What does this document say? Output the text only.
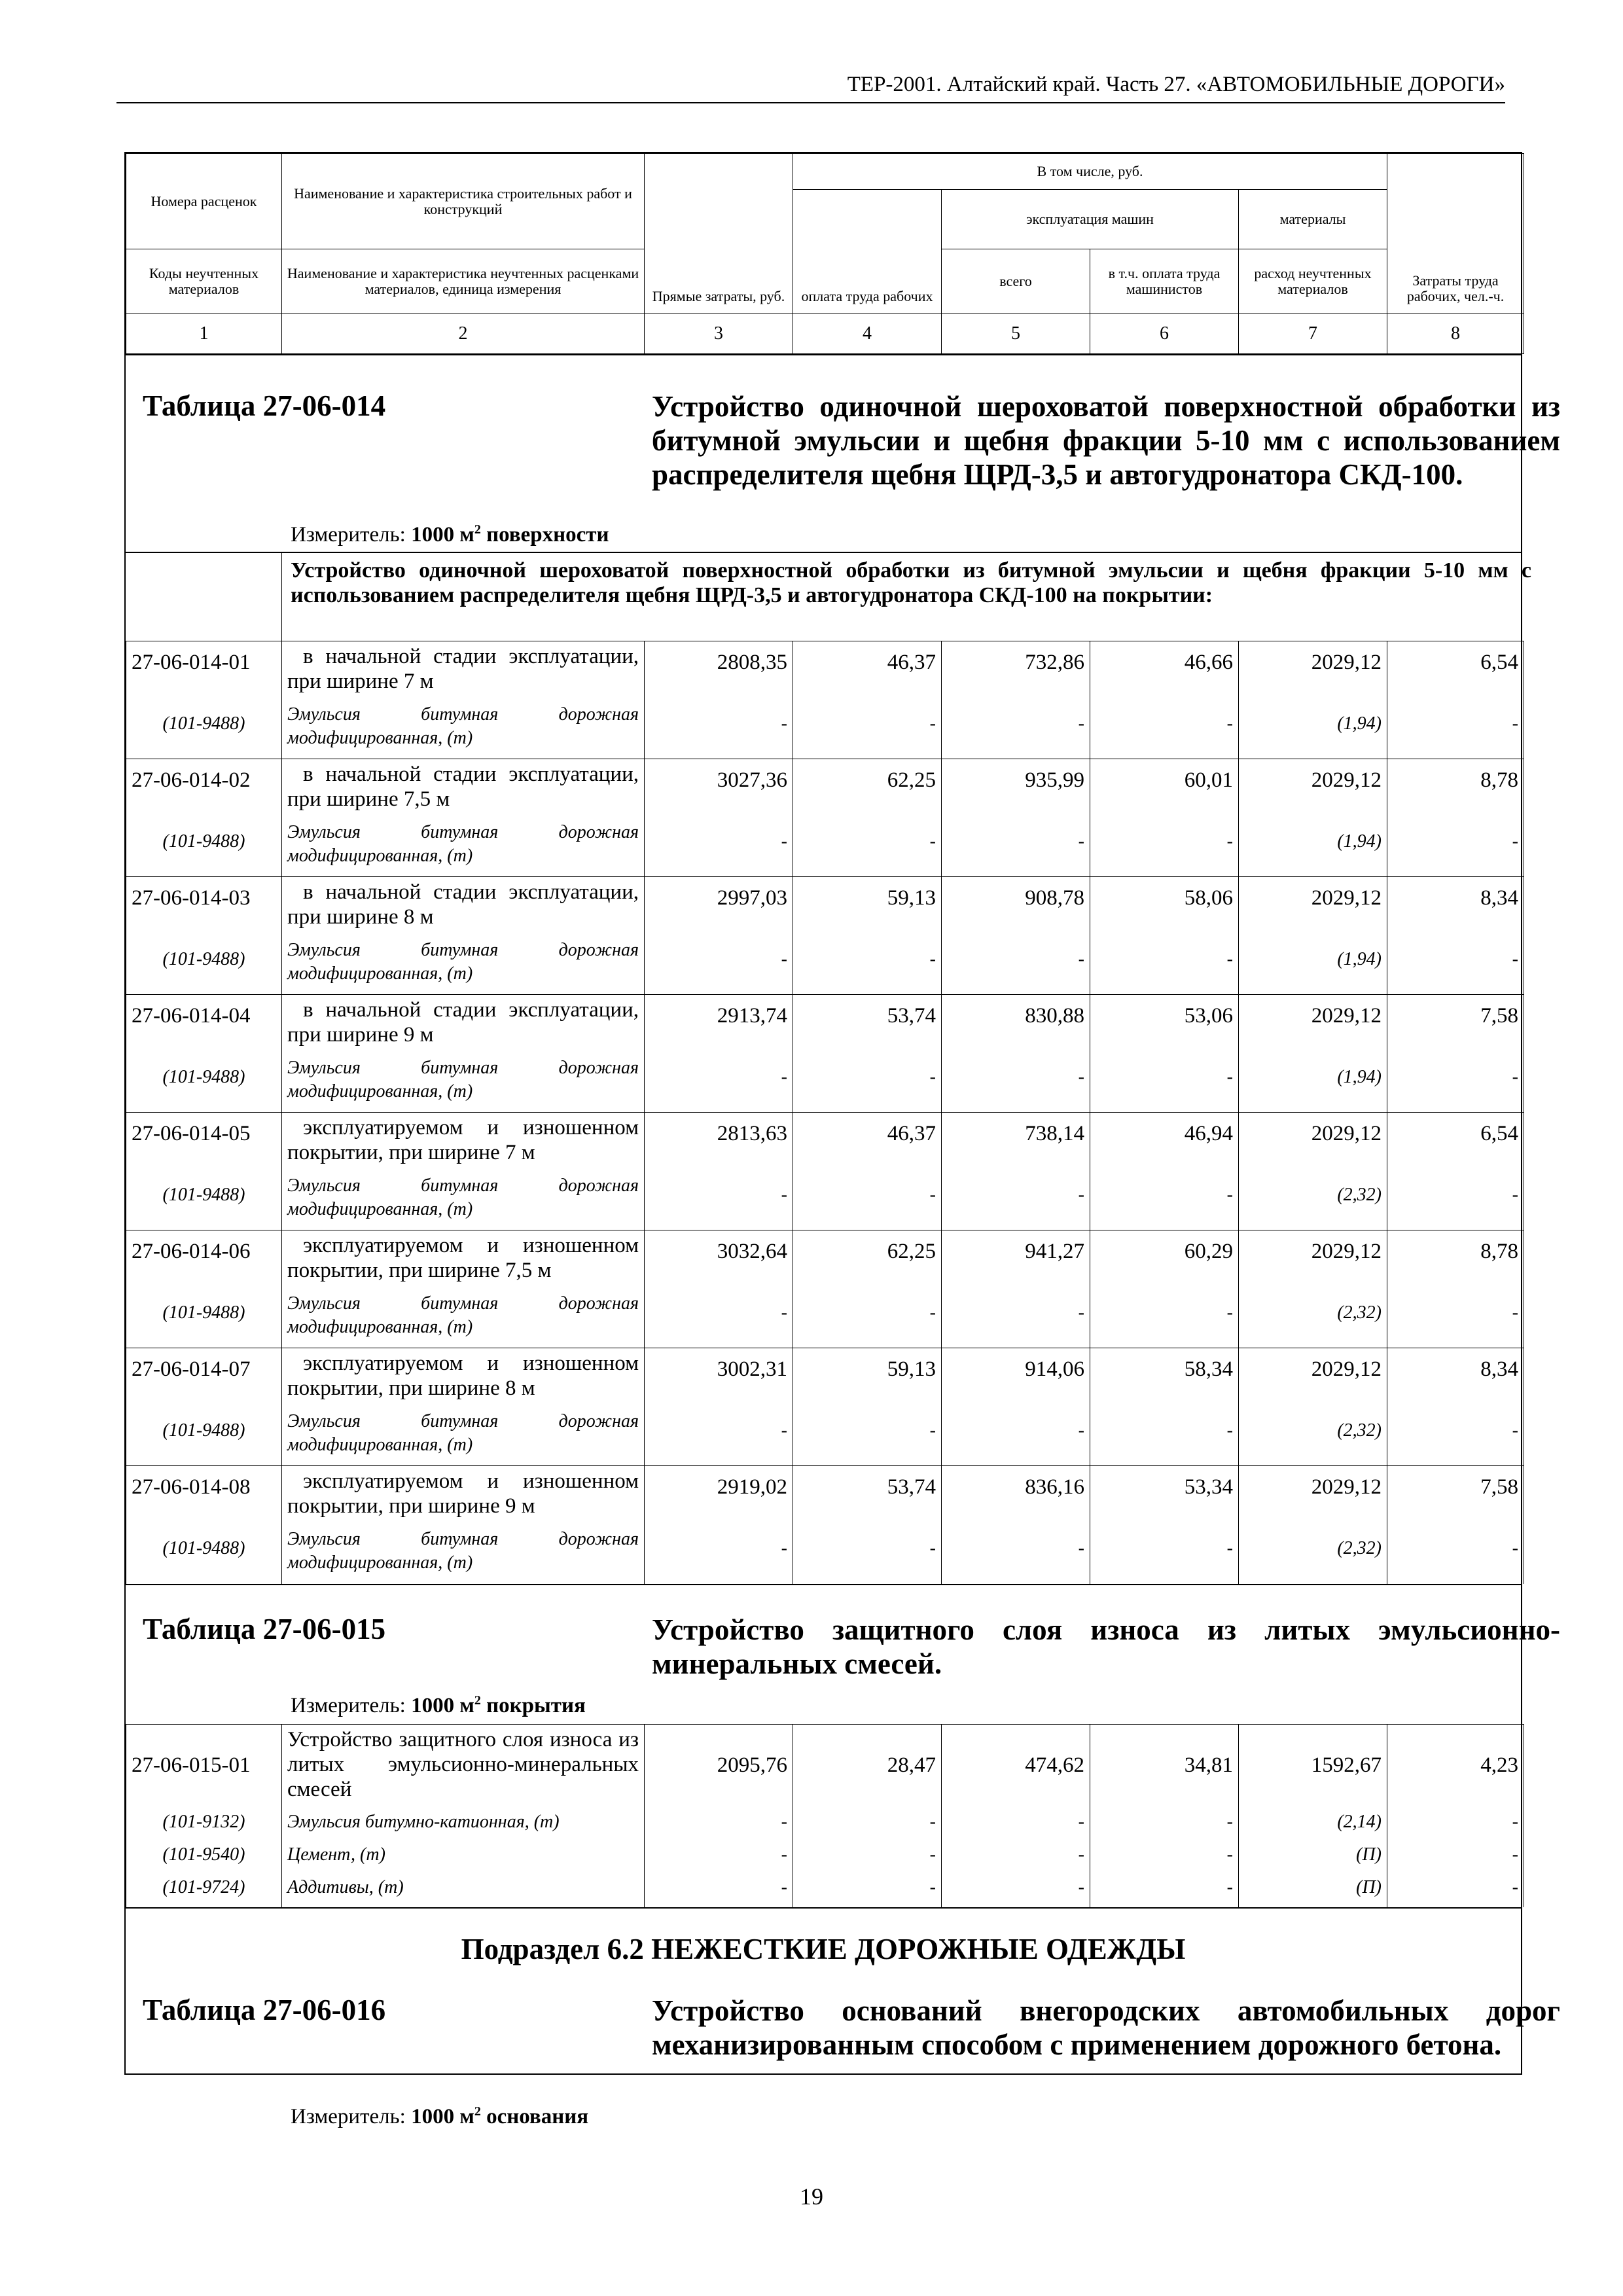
ТЕР-2001. Алтайский край. Часть 27. «АВТОМОБИЛЬНЫЕ ДОРОГИ»
Номера расценок	Наименование и характеристика строительных работ и конструкций	Прямые затраты, руб.	В том числе, руб.				Затраты труда рабочих, чел.-ч.
			оплата труда рабочих	эксплуатация машин		материалы	
Коды неучтенных материалов	Наименование и характеристика неучтенных расценками материалов, единица измерения			всего	в т.ч. оплата труда машинистов	расход неучтенных материалов	
1	2	3	4	5	6	7	8
Таблица 27-06-014	Устройство одиночной шероховатой поверхностной обработки из битумной эмульсии и щебня фракции 5-10 мм с использованием распределителя щебня ЩРД-3,5 и автогудронатора СКД-100.
Измеритель: 1000 $м^2$ поверхности
Устройство одиночной шероховатой поверхностной обработки из битумной эмульсии и щебня фракции 5-10 мм с использованием распределителя щебня ЩРД-3,5 и автогудронатора СКД-100 на покрытии:
27-06-014-01	в начальной стадии эксплуатации, при ширине 7 м	2808,35	46,37	732,86	46,66	2029,12	6,54
(101-9488)	Эмульсия битумная дорожная модифицированная, (т)	-	-	-	-	(1,94)	-
27-06-014-02	в начальной стадии эксплуатации, при ширине 7,5 м	3027,36	62,25	935,99	60,01	2029,12	8,78
(101-9488)	Эмульсия битумная дорожная модифицированная, (т)	-	-	-	-	(1,94)	-
27-06-014-03	в начальной стадии эксплуатации, при ширине 8 м	2997,03	59,13	908,78	58,06	2029,12	8,34
(101-9488)	Эмульсия битумная дорожная модифицированная, (т)	-	-	-	-	(1,94)	-
27-06-014-04	в начальной стадии эксплуатации, при ширине 9 м	2913,74	53,74	830,88	53,06	2029,12	7,58
(101-9488)	Эмульсия битумная дорожная модифицированная, (т)	-	-	-	-	(1,94)	-
27-06-014-05	эксплуатируемом и изношенном покрытии, при ширине 7 м	2813,63	46,37	738,14	46,94	2029,12	6,54
(101-9488)	Эмульсия битумная дорожная модифицированная, (т)	-	-	-	-	(2,32)	-
27-06-014-06	эксплуатируемом и изношенном покрытии, при ширине 7,5 м	3032,64	62,25	941,27	60,29	2029,12	8,78
(101-9488)	Эмульсия битумная дорожная модифицированная, (т)	-	-	-	-	(2,32)	-
27-06-014-07	эксплуатируемом и изношенном покрытии, при ширине 8 м	3002,31	59,13	914,06	58,34	2029,12	8,34
(101-9488)	Эмульсия битумная дорожная модифицированная, (т)	-	-	-	-	(2,32)	-
27-06-014-08	эксплуатируемом и изношенном покрытии, при ширине 9 м	2919,02	53,74	836,16	53,34	2029,12	7,58
(101-9488)	Эмульсия битумная дорожная модифицированная, (т)	-	-	-	-	(2,32)	-
Таблица 27-06-015	Устройство защитного слоя износа из литых эмульсионно-минеральных смесей.
Измеритель: 1000 $м^2$ покрытия
27-06-015-01	Устройство защитного слоя износа из литых эмульсионно-минеральных смесей	2095,76	28,47	474,62	34,81	1592,67	4,23
(101-9132)	Эмульсия битумно-катионная, (т)	-	-	-	-	(2,14)	-
(101-9540)	Цемент, (т)	-	-	-	-	(П)	-
(101-9724)	Аддитивы, (т)	-	-	-	-	(П)	-
Подраздел 6.2 НЕЖЕСТКИЕ ДОРОЖНЫЕ ОДЕЖДЫ
Таблица 27-06-016	Устройство оснований внегородских автомобильных дорог механизированным способом с применением дорожного бетона.
Измеритель: 1000 $м^2$ основания
19
